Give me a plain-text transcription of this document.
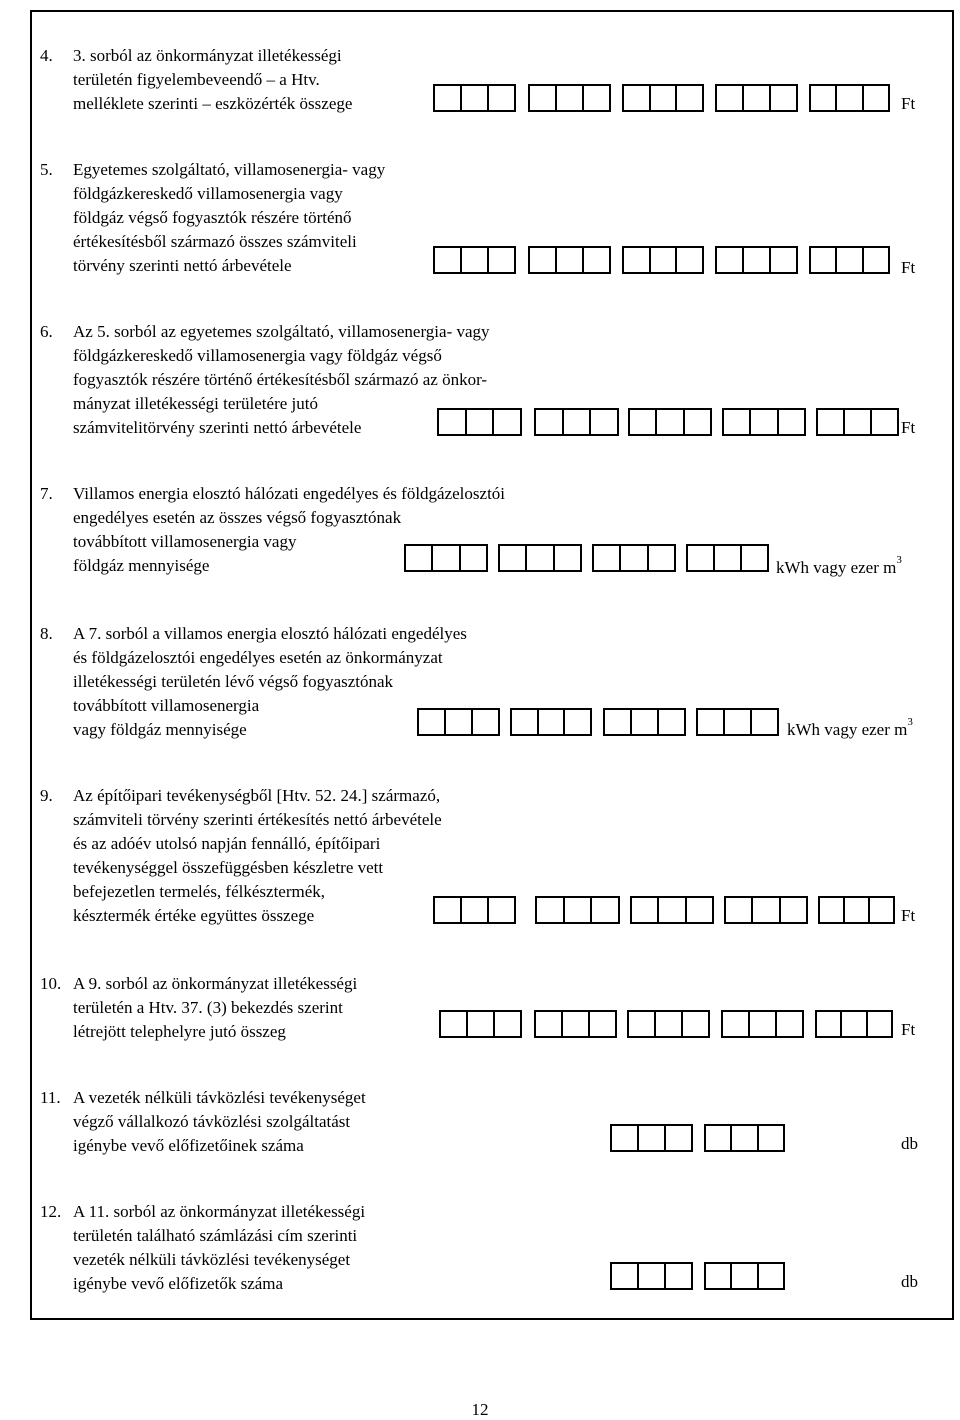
4. 3. sorból az önkormányzat illetékességi
területén figyelembeveendő – a Htv.
melléklete szerinti – eszközérték összege	Ft
5. Egyetemes szolgáltató, villamosenergia- vagy
földgázkereskedő villamosenergia vagy
földgáz végső fogyasztók részére történő
értékesítésből származó összes számviteli
törvény szerinti nettó árbevétele	Ft
6. Az 5. sorból az egyetemes szolgáltató, villamosenergia- vagy
földgázkereskedő villamosenergia vagy földgáz végső
fogyasztók részére történő értékesítésből származó az önkor-
mányzat illetékességi területére jutó
számvitelitörvény szerinti nettó árbevétele	Ft
7. Villamos energia elosztó hálózati engedélyes és földgázelosztói
engedélyes esetén az összes végső fogyasztónak
továbbított villamosenergia vagy
földgáz mennyisége	kWh vagy ezer $m^3$
8. A 7. sorból a villamos energia elosztó hálózati engedélyes
és földgázelosztói engedélyes esetén az önkormányzat
illetékességi területén lévő végső fogyasztónak
továbbított villamosenergia
vagy földgáz mennyisége	kWh vagy ezer $m^3$
9. Az építőipari tevékenységből [Htv. 52. 24.] származó,
számviteli törvény szerinti értékesítés nettó árbevétele
és az adóév utolsó napján fennálló, építőipari
tevékenységgel összefüggésben készletre vett
befejezetlen termelés, félkésztermék,
késztermék értéke együttes összege	Ft
10. A 9. sorból az önkormányzat illetékességi
területén a Htv. 37. (3) bekezdés szerint
létrejött telephelyre jutó összeg	Ft
11. A vezeték nélküli távközlési tevékenységet
végző vállalkozó távközlési szolgáltatást
igénybe vevő előfizetőinek száma	db
12. A 11. sorból az önkormányzat illetékességi
területén található számlázási cím szerinti
vezeték nélküli távközlési tevékenységet
igénybe vevő előfizetők száma	db
12
